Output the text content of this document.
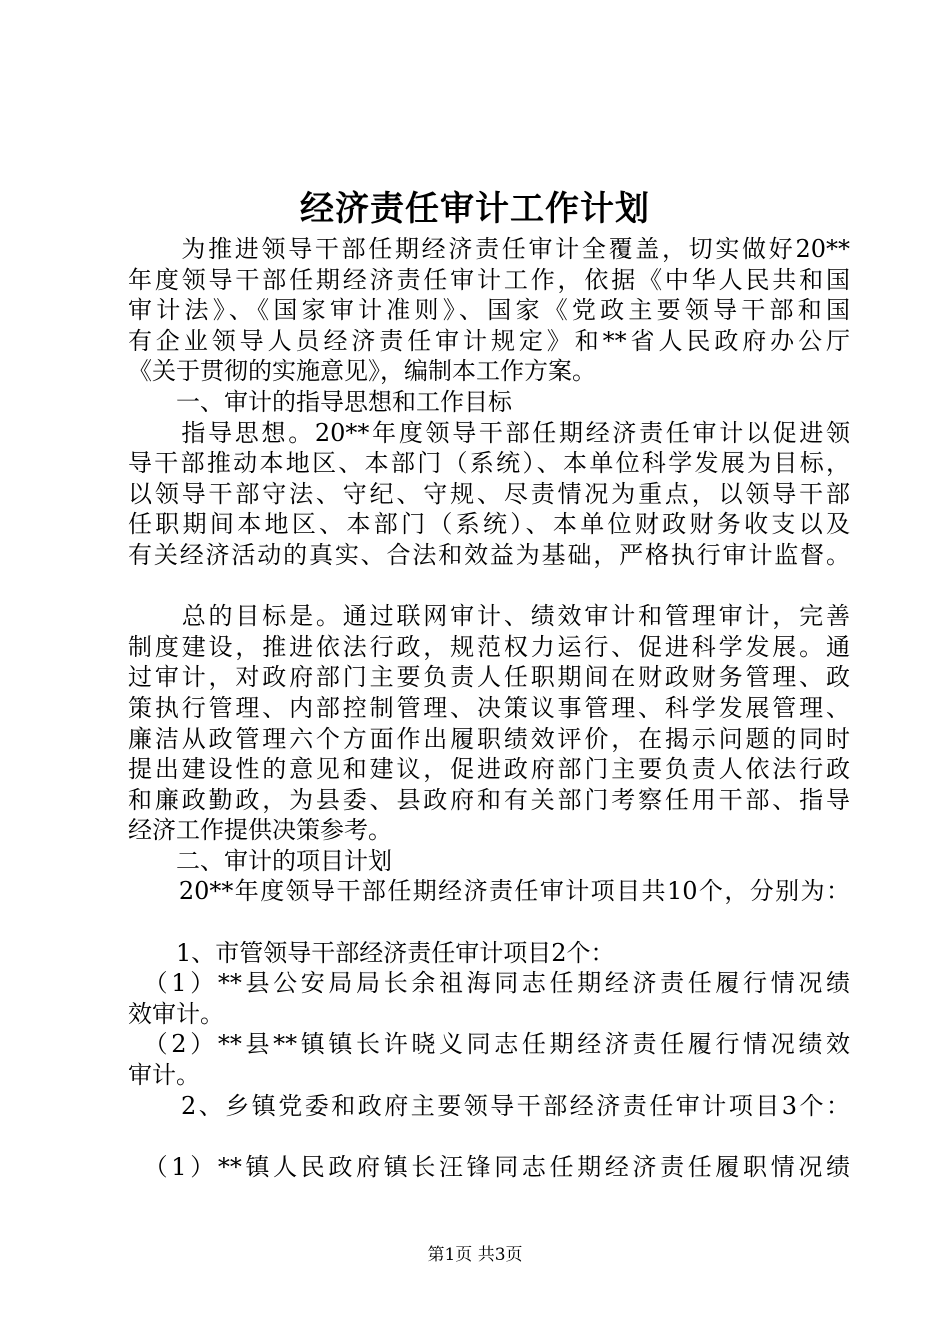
经济责任审计工作计划
　　为推进领导干部任期经济责任审计全覆盖，切实做好20**
年度领导干部任期经济责任审计工作，依据《中华人民共和国
审计法》、《国家审计准则》、国家《党政主要领导干部和国
有企业领导人员经济责任审计规定》和**省人民政府办公厅
《关于贯彻的实施意见》，编制本工作方案。
　　一、审计的指导思想和工作目标
　　指导思想。20**年度领导干部任期经济责任审计以促进领
导干部推动本地区、本部门（系统）、本单位科学发展为目标，
以领导干部守法、守纪、守规、尽责情况为重点，以领导干部
任职期间本地区、本部门（系统）、本单位财政财务收支以及
有关经济活动的真实、合法和效益为基础，严格执行审计监督。
　　总的目标是。通过联网审计、绩效审计和管理审计，完善
制度建设，推进依法行政，规范权力运行、促进科学发展。通
过审计，对政府部门主要负责人任职期间在财政财务管理、政
策执行管理、内部控制管理、决策议事管理、科学发展管理、
廉洁从政管理六个方面作出履职绩效评价，在揭示问题的同时
提出建设性的意见和建议，促进政府部门主要负责人依法行政
和廉政勤政，为县委、县政府和有关部门考察任用干部、指导
经济工作提供决策参考。
　　二、审计的项目计划
　　20**年度领导干部任期经济责任审计项目共10个，分别为：
　　1、市管领导干部经济责任审计项目2个：
　（1）**县公安局局长余祖海同志任期经济责任履行情况绩
效审计。
　（2）**县**镇镇长许晓义同志任期经济责任履行情况绩效
审计。
　　2、乡镇党委和政府主要领导干部经济责任审计项目3个：
　（1）**镇人民政府镇长汪锋同志任期经济责任履职情况绩
第1页 共3页
